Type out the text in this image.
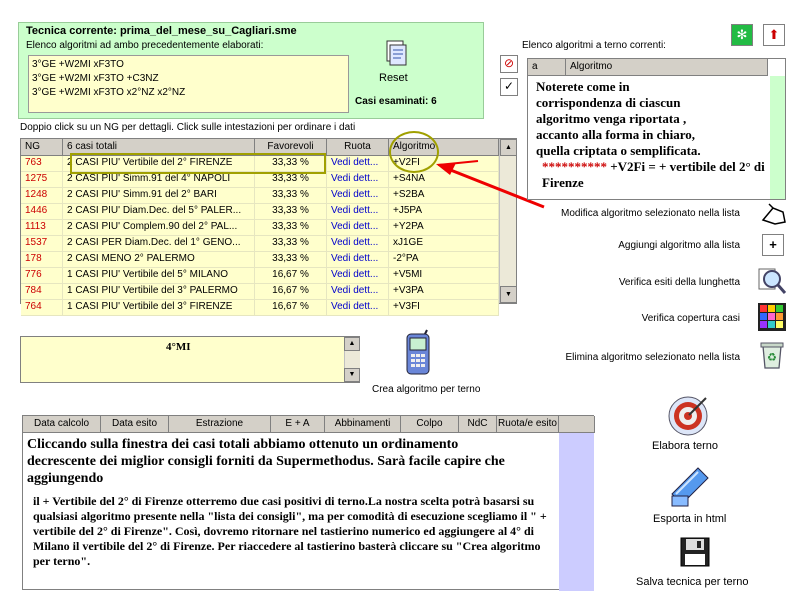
Tecnica corrente: prima_del_mese_su_Cagliari.sme
Elenco algoritmi ad ambo precedentemente elaborati:
3°GE +W2MI xF3TO
3°GE +W2MI xF3TO +C3NZ
3°GE +W2MI xF3TO x2°NZ x2°NZ
Reset
Casi esaminati: 6
Doppio click su un NG per dettagli. Click sulle intestazioni per ordinare i dati
NG	6 casi totali	Favorevoli	Ruota	Algoritmo	▲
▼
763	2 CASI PIU' Vertibile del 2° FIRENZE	33,33 %	Vedi dett...	+V2FI
1275	2 CASI PIU' Simm.91 del 4° NAPOLI	33,33 %	Vedi dett...	+S4NA
1248	2 CASI PIU' Simm.91 del 2° BARI	33,33 %	Vedi dett...	+S2BA
1446	2 CASI PIU' Diam.Dec. del 5° PALER...	33,33 %	Vedi dett...	+J5PA
1113	2 CASI PIU' Complem.90 del 2° PAL...	33,33 %	Vedi dett...	+Y2PA
1537	2 CASI PER Diam.Dec. del 1° GENO...	33,33 %	Vedi dett...	xJ1GE
178	2 CASI MENO 2° PALERMO	33,33 %	Vedi dett...	-2°PA
776	1 CASI PIU' Vertibile del 5° MILANO	16,67 %	Vedi dett...	+V5MI
784	1 CASI PIU' Vertibile del 3° PALERMO	16,67 %	Vedi dett...	+V3PA
764	1 CASI PIU' Vertibile del 3° FIRENZE	16,67 %	Vedi dett...	+V3FI
✻	⬆
Elenco algoritmi a terno correnti:
⊘
✓
a	Algoritmo
Noterete come in
corrispondenza di ciascun
algoritmo venga riportata ,
accanto alla forma in chiaro,
quella criptata o semplificata.
********** +V2Fi = + vertibile del 2° di Firenze
Modifica algoritmo selezionato nella lista
Aggiungi algoritmo alla lista	+
Verifica esiti della lunghetta
Verifica copertura casi
Elimina algoritmo selezionato nella lista ♻
4°MI	▲
▼
Crea algoritmo per terno
Data calcolo	Data esito	Estrazione	E + A	Abbinamenti	Colpo	NdC	Ruota/e esito
Cliccando sulla finestra dei casi totali abbiamo ottenuto un ordinamento decrescente dei miglior consigli forniti da Supermethodus. Sarà facile capire che aggiungendo
il + Vertibile del 2° di Firenze otterremo due casi positivi di terno.La nostra scelta potrà basarsi su qualsiasi algoritmo presente nella "lista dei consigli", ma per comodità di esecuzione scegliamo il " + vertibile del 2° di Firenze". Così, dovremo ritornare nel tastierino numerico ed aggiungere al 4° di Milano il vertibile del 2° di Firenze. Per riaccedere al tastierino basterà cliccare su "Crea algoritmo per terno".
Elabora terno
Esporta in html
Salva tecnica per terno
